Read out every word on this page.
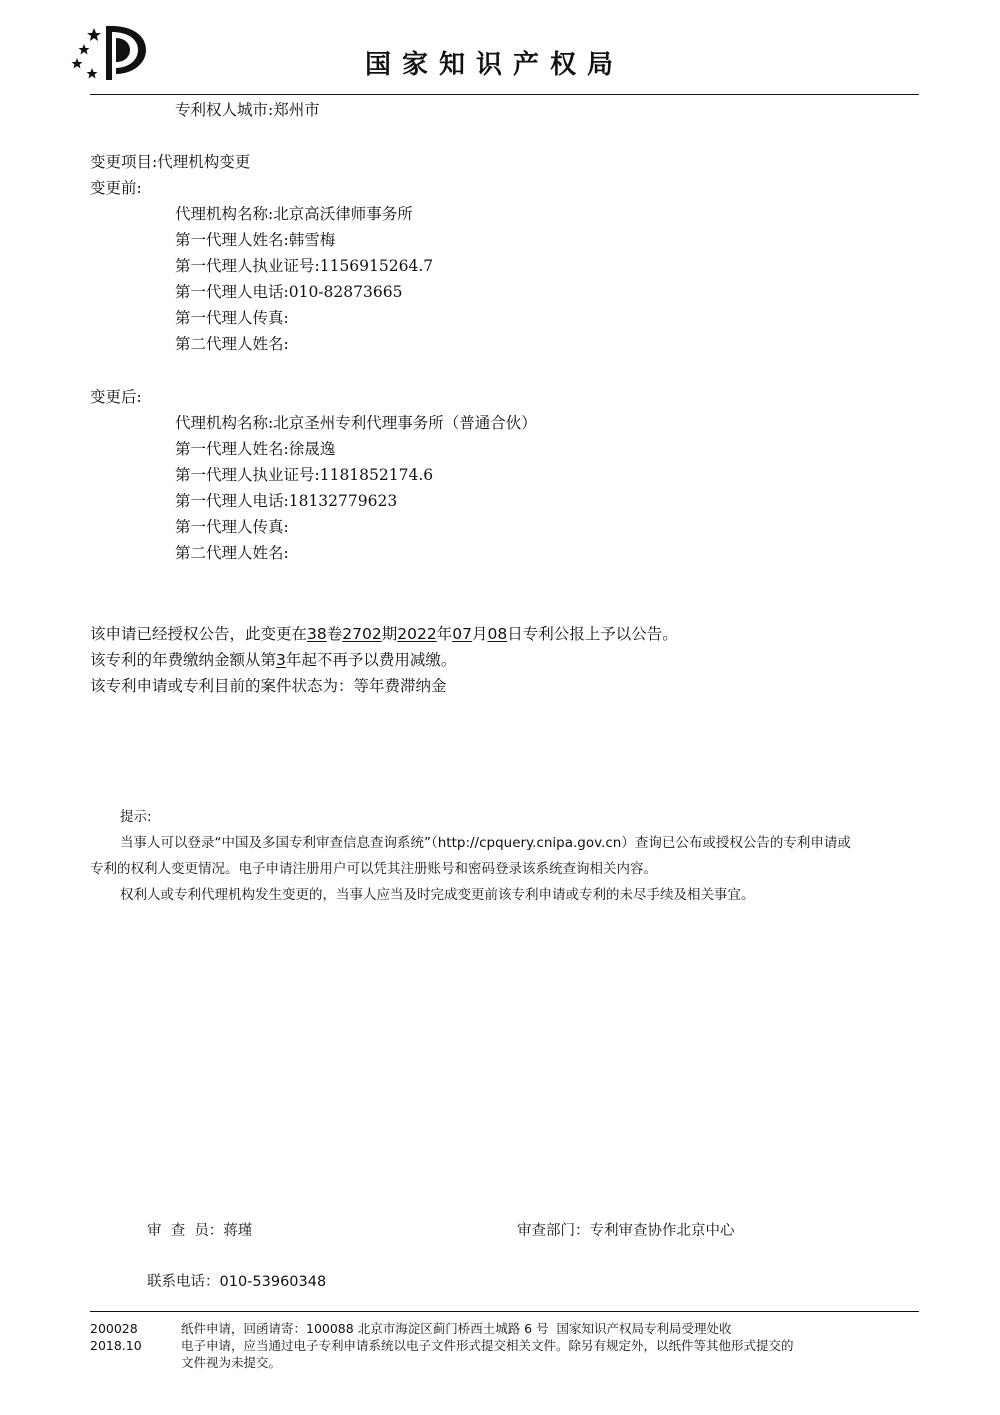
国家知识产权局
专利权人城市:郑州市
变更项目:代理机构变更
变更前:
代理机构名称:北京高沃律师事务所
第一代理人姓名:韩雪梅
第一代理人执业证号:1156915264.7
第一代理人电话:010-82873665
第一代理人传真:
第二代理人姓名:
变更后:
代理机构名称:北京圣州专利代理事务所（普通合伙）
第一代理人姓名:徐晟逸
第一代理人执业证号:1181852174.6
第一代理人电话:18132779623
第一代理人传真:
第二代理人姓名:
该申请已经授权公告，此变更在38卷2702期2022年07月08日专利公报上予以公告。
该专利的年费缴纳金额从第3年起不再予以费用减缴。
该专利申请或专利目前的案件状态为：等年费滞纳金
提示:
当事人可以登录“中国及多国专利审查信息查询系统”（http://cpquery.cnipa.gov.cn）查询已公布或授权公告的专利申请或
专利的权利人变更情况。电子申请注册用户可以凭其注册账号和密码登录该系统查询相关内容。
权利人或专利代理机构发生变更的，当事人应当及时完成变更前该专利申请或专利的未尽手续及相关事宜。
审  查  员：蒋瑾	审查部门：专利审查协作北京中心
联系电话：010-53960348
200028
2018.10
纸件申请，回函请寄：100088 北京市海淀区蓟门桥西土城路 6 号  国家知识产权局专利局受理处收
电子申请，应当通过电子专利申请系统以电子文件形式提交相关文件。除另有规定外，以纸件等其他形式提交的
文件视为未提交。
